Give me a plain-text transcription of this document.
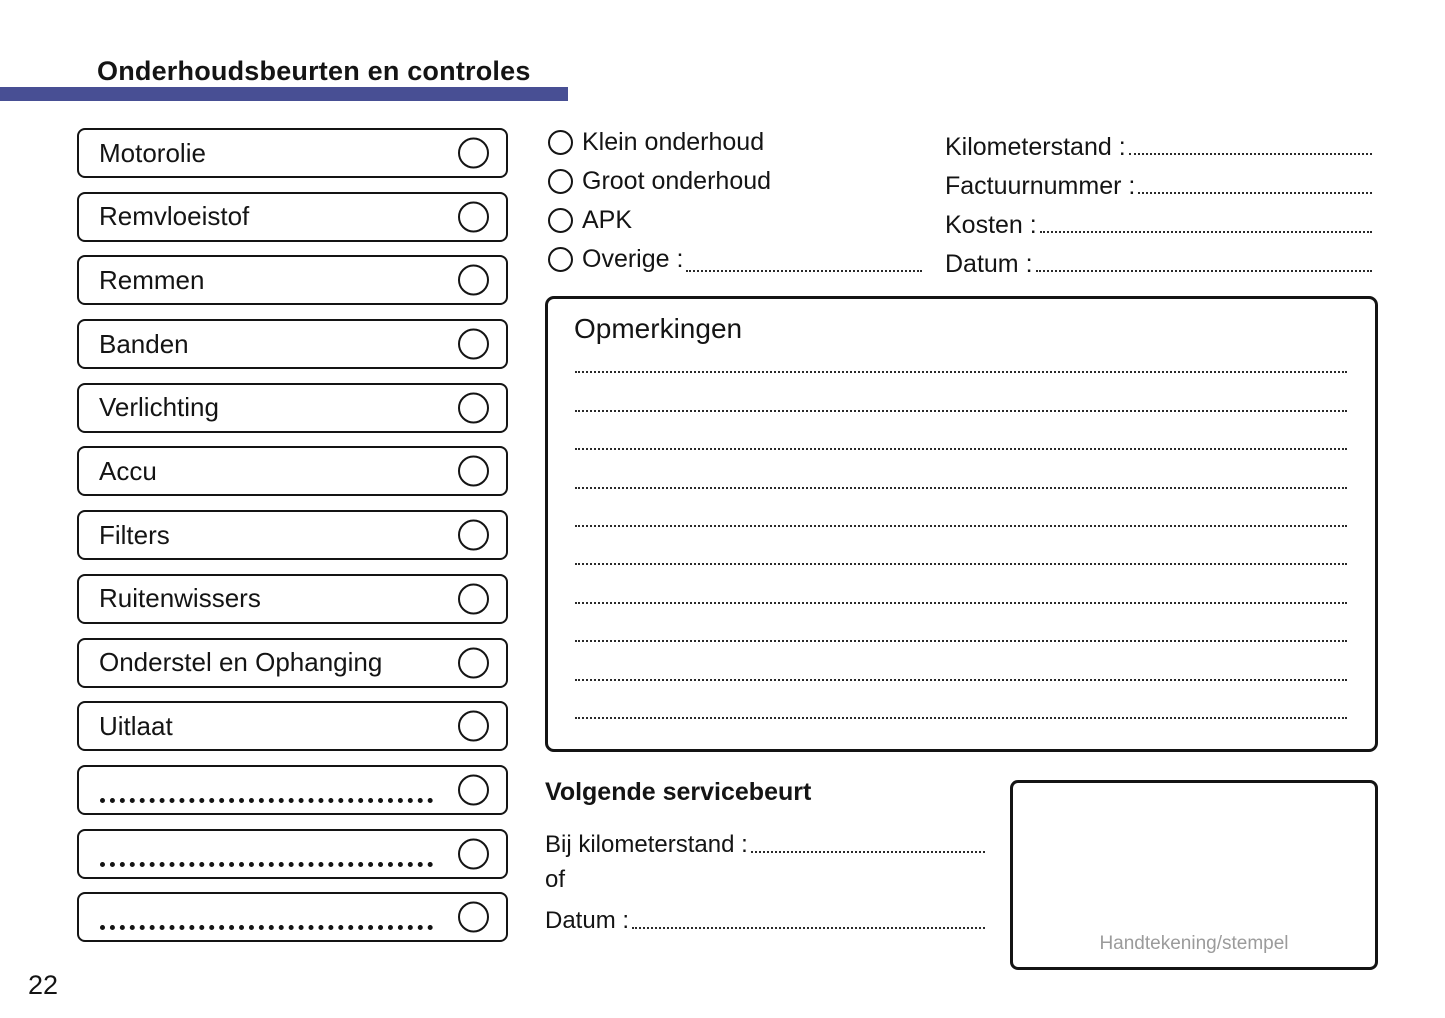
Onderhoudsbeurten en controles
Motorolie
Remvloeistof
Remmen
Banden
Verlichting
Accu
Filters
Ruitenwissers
Onderstel en Ophanging
Uitlaat
Klein onderhoud
Groot onderhoud
APK
Overige :
Kilometerstand :
Factuurnummer :
Kosten :
Datum :
Opmerkingen
Volgende servicebeurt
Bij kilometerstand :
of
Datum :
Handtekening/stempel
22
